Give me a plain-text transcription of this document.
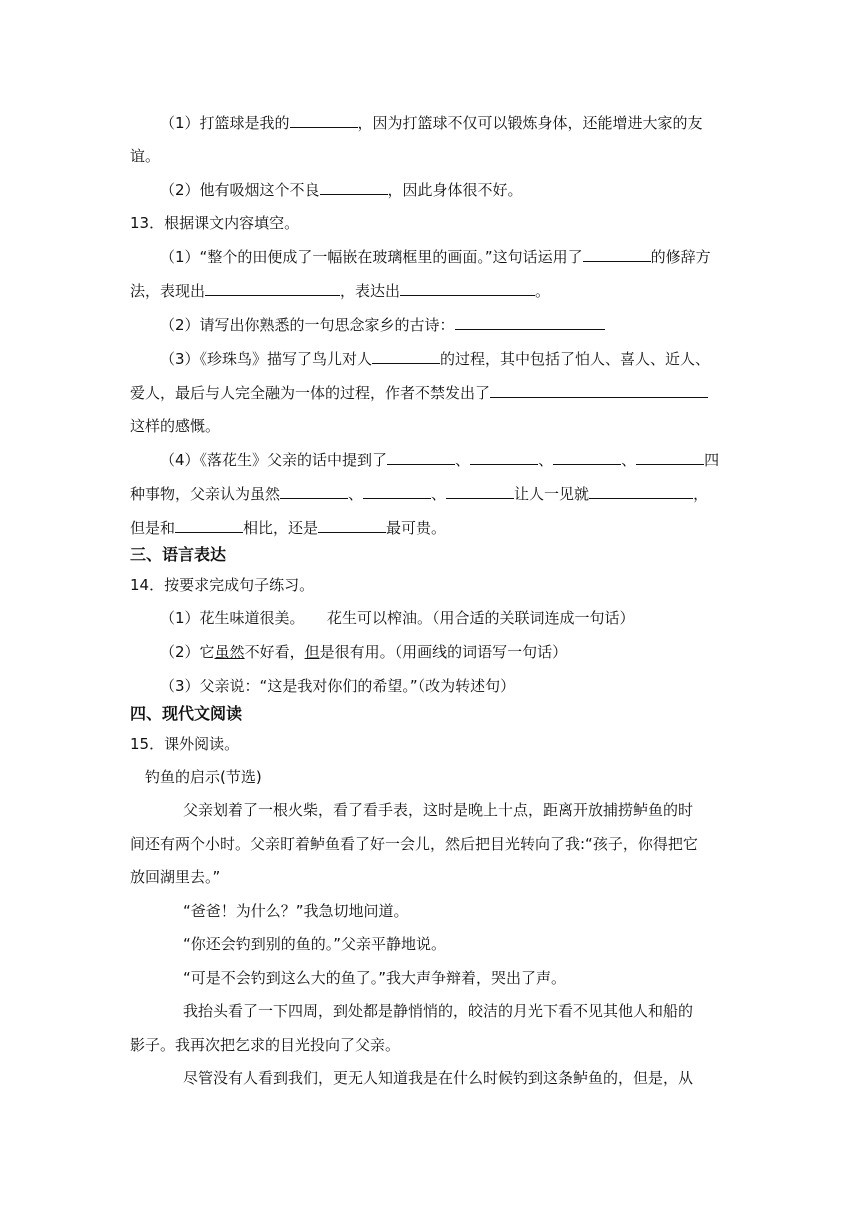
（1）打篮球是我的	，因为打篮球不仅可以锻炼身体，还能增进大家的友
谊。
（2）他有吸烟这个不良	，因此身体很不好。
13．根据课文内容填空。
（1）“整个的田便成了一幅嵌在玻璃框里的画面。”这句话运用了	的修辞方
法，表现出	，表达出	。
（2）请写出你熟悉的一句思念家乡的古诗：
（3）《珍珠鸟》描写了鸟儿对人	的过程，其中包括了怕人、喜人、近人、
爱人，最后与人完全融为一体的过程，作者不禁发出了
这样的感慨。
（4）《落花生》父亲的话中提到了	、	、	、	四
种事物，父亲认为虽然	、	、	让人一见就	，
但是和	相比，还是	最可贵。
三、语言表达
14．按要求完成句子练习。
（1）花生味道很美。　　花生可以榨油。（用合适的关联词连成一句话）
（2）它虽然不好看，但是很有用。（用画线的词语写一句话）
（3）父亲说：“这是我对你们的希望。”（改为转述句）
四、现代文阅读
15．课外阅读。
钓鱼的启示(节选)
父亲划着了一根火柴，看了看手表，这时是晚上十点，距离开放捕捞鲈鱼的时
间还有两个小时。父亲盯着鲈鱼看了好一会儿，然后把目光转向了我:“孩子，你得把它
放回湖里去。”
“爸爸！为什么？”我急切地问道。
“你还会钓到别的鱼的。”父亲平静地说。
“可是不会钓到这么大的鱼了。”我大声争辩着，哭出了声。
我抬头看了一下四周，到处都是静悄悄的，皎洁的月光下看不见其他人和船的
影子。我再次把乞求的目光投向了父亲。
尽管没有人看到我们，更无人知道我是在什么时候钓到这条鲈鱼的，但是，从
